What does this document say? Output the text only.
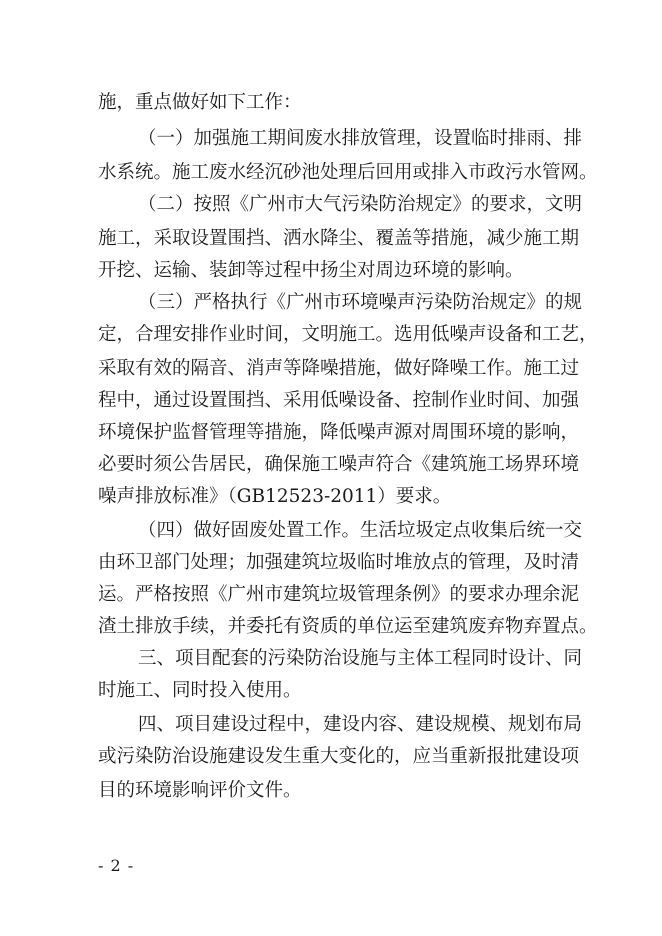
施，重点做好如下工作：
（一）加强施工期间废水排放管理，设置临时排雨、排
水系统。施工废水经沉砂池处理后回用或排入市政污水管网。
（二）按照《广州市大气污染防治规定》的要求，文明
施工，采取设置围挡、洒水降尘、覆盖等措施，减少施工期
开挖、运输、装卸等过程中扬尘对周边环境的影响。
（三）严格执行《广州市环境噪声污染防治规定》的规
定，合理安排作业时间，文明施工。选用低噪声设备和工艺，
采取有效的隔音、消声等降噪措施，做好降噪工作。施工过
程中，通过设置围挡、采用低噪设备、控制作业时间、加强
环境保护监督管理等措施，降低噪声源对周围环境的影响，
必要时须公告居民，确保施工噪声符合《建筑施工场界环境
噪声排放标准》（GB12523-2011）要求。
（四）做好固废处置工作。生活垃圾定点收集后统一交
由环卫部门处理；加强建筑垃圾临时堆放点的管理，及时清
运。严格按照《广州市建筑垃圾管理条例》的要求办理余泥
渣土排放手续，并委托有资质的单位运至建筑废弃物弃置点。
三、项目配套的污染防治设施与主体工程同时设计、同
时施工、同时投入使用。
四、项目建设过程中，建设内容、建设规模、规划布局
或污染防治设施建设发生重大变化的，应当重新报批建设项
目的环境影响评价文件。
- 2 -
